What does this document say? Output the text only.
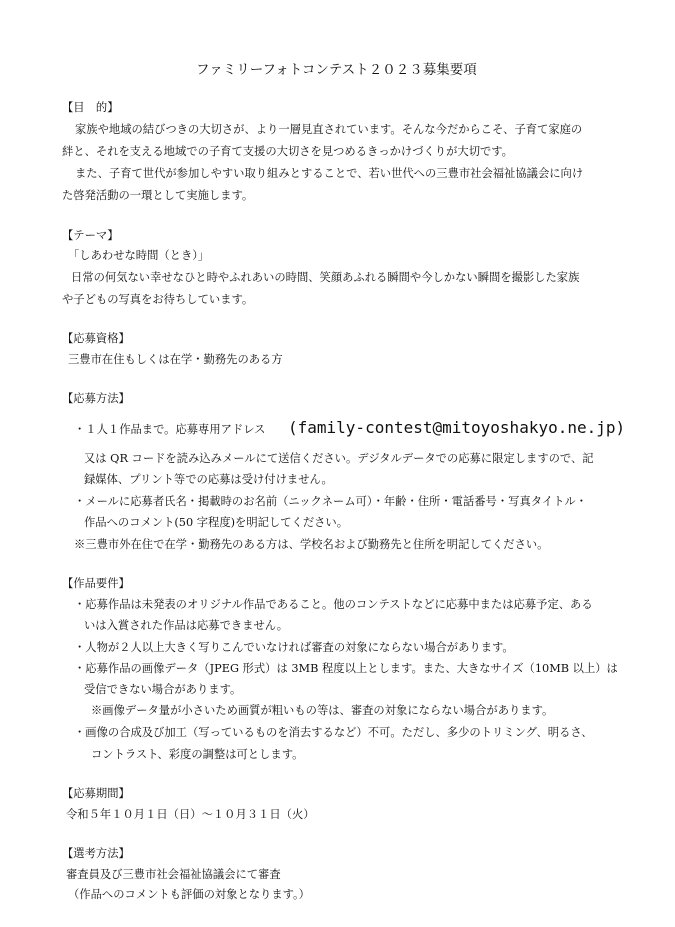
ファミリーフォトコンテスト２０２３募集要項
【目　的】
家族や地域の結びつきの大切さが、より一層見直されています。そんな今だからこそ、子育て家庭の
絆と、それを支える地域での子育て支援の大切さを見つめるきっかけづくりが大切です。
また、子育て世代が参加しやすい取り組みとすることで、若い世代への三豊市社会福祉協議会に向け
た啓発活動の一環として実施します。
【テーマ】
「しあわせな時間（とき）」
日常の何気ない幸せなひと時やふれあいの時間、笑顔あふれる瞬間や今しかない瞬間を撮影した家族
や子どもの写真をお待ちしています。
【応募資格】
三豊市在住もしくは在学・勤務先のある方
【応募方法】
・１人１作品まで。応募専用アドレス (family-contest@mitoyoshakyo.ne.jp)
又は QR コードを読み込みメールにて送信ください。デジタルデータでの応募に限定しますので、記
録媒体、プリント等での応募は受け付けません。
・メールに応募者氏名・掲載時のお名前（ニックネーム可）・年齢・住所・電話番号・写真タイトル・
作品へのコメント(50 字程度)を明記してください。
※三豊市外在住で在学・勤務先のある方は、学校名および勤務先と住所を明記してください。
【作品要件】
・応募作品は未発表のオリジナル作品であること。他のコンテストなどに応募中または応募予定、ある
いは入賞された作品は応募できません。
・人物が２人以上大きく写りこんでいなければ審査の対象にならない場合があります。
・応募作品の画像データ（JPEG 形式）は 3MB 程度以上とします。また、大きなサイズ（10MB 以上）は
受信できない場合があります。
※画像データ量が小さいため画質が粗いもの等は、審査の対象にならない場合があります。
・画像の合成及び加工（写っているものを消去するなど）不可。ただし、多少のトリミング、明るさ、
コントラスト、彩度の調整は可とします。
【応募期間】
令和５年１０月１日（日）～１０月３１日（火）
【選考方法】
審査員及び三豊市社会福祉協議会にて審査
（作品へのコメントも評価の対象となります。）
